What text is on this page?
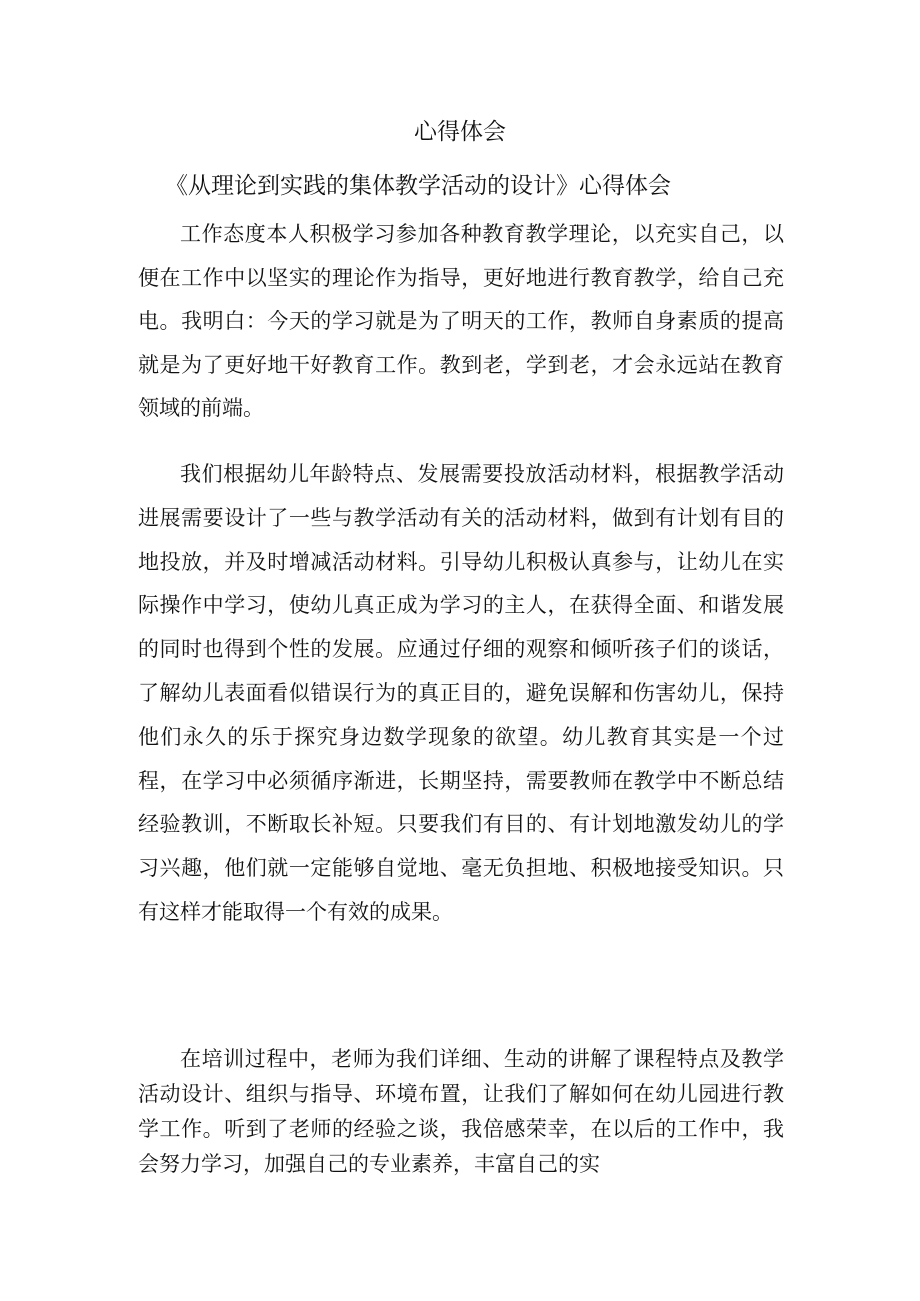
心得体会
《从理论到实践的集体教学活动的设计》心得体会

工作态度本人积极学习参加各种教育教学理论，以充实自己，以便在工作中以坚实的理论作为指导，更好地进行教育教学，给自己充电。我明白：今天的学习就是为了明天的工作，教师自身素质的提高就是为了更好地干好教育工作。教到老，学到老，才会永远站在教育领域的前端。

我们根据幼儿年龄特点、发展需要投放活动材料，根据教学活动进展需要设计了一些与教学活动有关的活动材料，做到有计划有目的地投放，并及时增减活动材料。引导幼儿积极认真参与，让幼儿在实际操作中学习，使幼儿真正成为学习的主人，在获得全面、和谐发展的同时也得到个性的发展。应通过仔细的观察和倾听孩子们的谈话，了解幼儿表面看似错误行为的真正目的，避免误解和伤害幼儿，保持他们永久的乐于探究身边数学现象的欲望。幼儿教育其实是一个过程，在学习中必须循序渐进，长期坚持，需要教师在教学中不断总结经验教训，不断取长补短。只要我们有目的、有计划地激发幼儿的学习兴趣，他们就一定能够自觉地、毫无负担地、积极地接受知识。只有这样才能取得一个有效的成果。

在培训过程中，老师为我们详细、生动的讲解了课程特点及教学活动设计、组织与指导、环境布置，让我们了解如何在幼儿园进行教学工作。听到了老师的经验之谈，我倍感荣幸，在以后的工作中，我会努力学习，加强自己的专业素养，丰富自己的实
